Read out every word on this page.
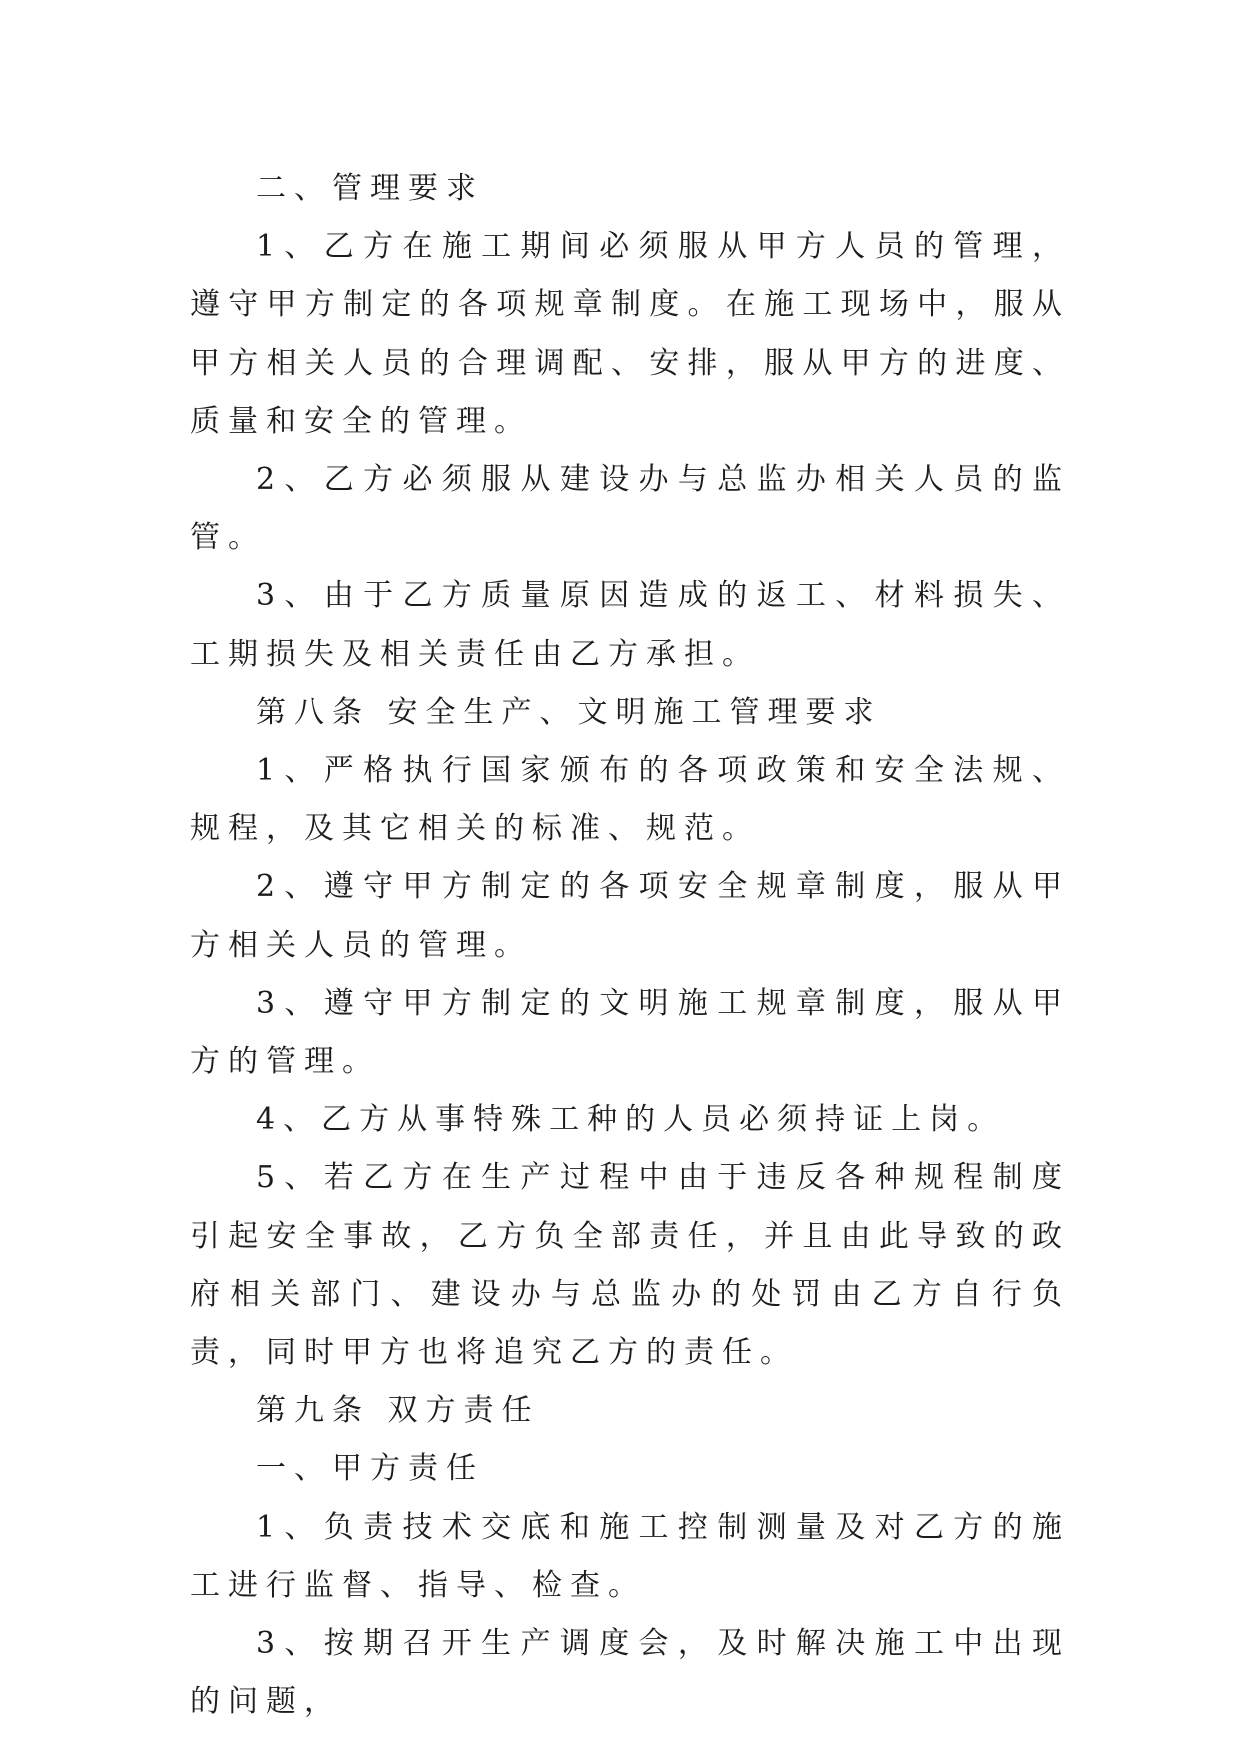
二、管理要求

1、乙方在施工期间必须服从甲方人员的管理，遵守甲方制定的各项规章制度。在施工现场中，服从甲方相关人员的合理调配、安排，服从甲方的进度、质量和安全的管理。

2、乙方必须服从建设办与总监办相关人员的监管。

3、由于乙方质量原因造成的返工、材料损失、工期损失及相关责任由乙方承担。

第八条 安全生产、文明施工管理要求

1、严格执行国家颁布的各项政策和安全法规、规程，及其它相关的标准、规范。

2、遵守甲方制定的各项安全规章制度，服从甲方相关人员的管理。

3、遵守甲方制定的文明施工规章制度，服从甲方的管理。

4、乙方从事特殊工种的人员必须持证上岗。

5、若乙方在生产过程中由于违反各种规程制度引起安全事故，乙方负全部责任，并且由此导致的政府相关部门、建设办与总监办的处罚由乙方自行负责，同时甲方也将追究乙方的责任。

第九条 双方责任

一、甲方责任

1、负责技术交底和施工控制测量及对乙方的施工进行监督、指导、检查。

3、按期召开生产调度会，及时解决施工中出现的问题，
